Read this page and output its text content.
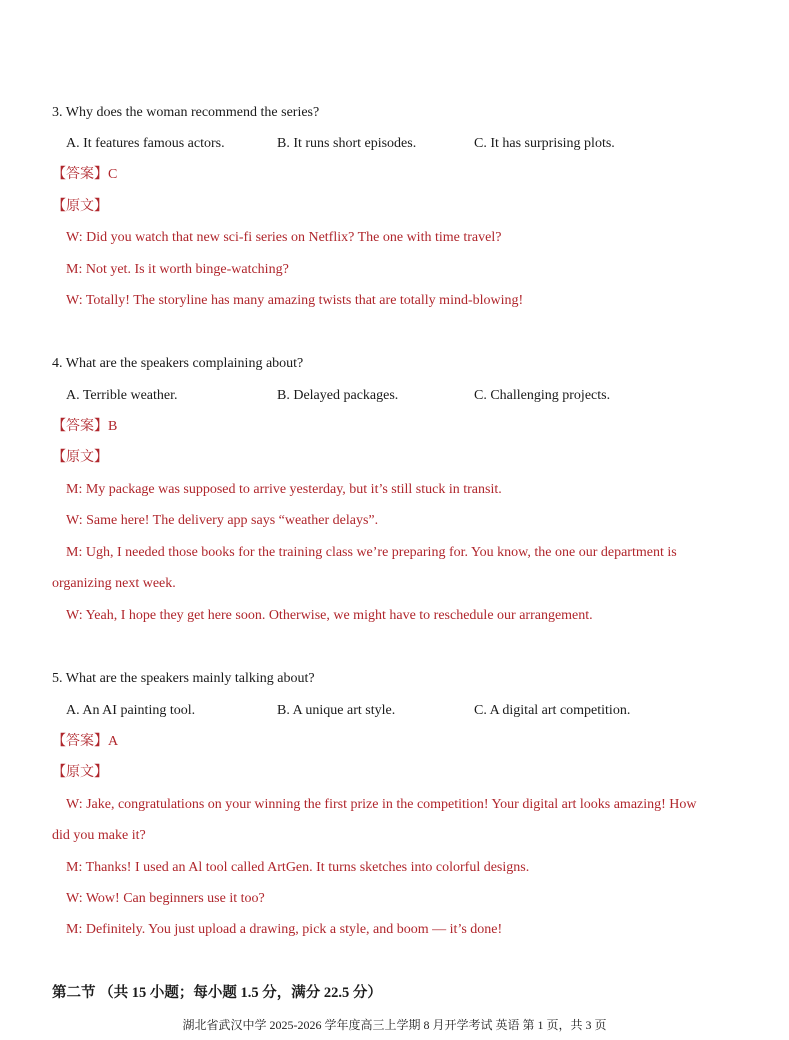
3. Why does the woman recommend the series?
A. It features famous actors.	B. It runs short episodes.	C. It has surprising plots.
【答案】C
【原文】
W: Did you watch that new sci-fi series on Netflix? The one with time travel?
M: Not yet. Is it worth binge-watching?
W: Totally! The storyline has many amazing twists that are totally mind-blowing!
4. What are the speakers complaining about?
A. Terrible weather.	B. Delayed packages.	C. Challenging projects.
【答案】B
【原文】
M: My package was supposed to arrive yesterday, but it’s still stuck in transit.
W: Same here! The delivery app says “weather delays”.
M: Ugh, I needed those books for the training class we’re preparing for. You know, the one our department is
organizing next week.
W: Yeah, I hope they get here soon. Otherwise, we might have to reschedule our arrangement.
5. What are the speakers mainly talking about?
A. An AI painting tool.	B. A unique art style.	C. A digital art competition.
【答案】A
【原文】
W: Jake, congratulations on your winning the first prize in the competition! Your digital art looks amazing! How
did you make it?
M: Thanks! I used an Al tool called ArtGen. It turns sketches into colorful designs.
W: Wow! Can beginners use it too?
M: Definitely. You just upload a drawing, pick a style, and boom — it’s done!
第二节 （共 15 小题；每小题 1.5 分，满分 22.5 分）
湖北省武汉中学 2025-2026 学年度高三上学期 8 月开学考试 英语 第 1 页，共 3 页
